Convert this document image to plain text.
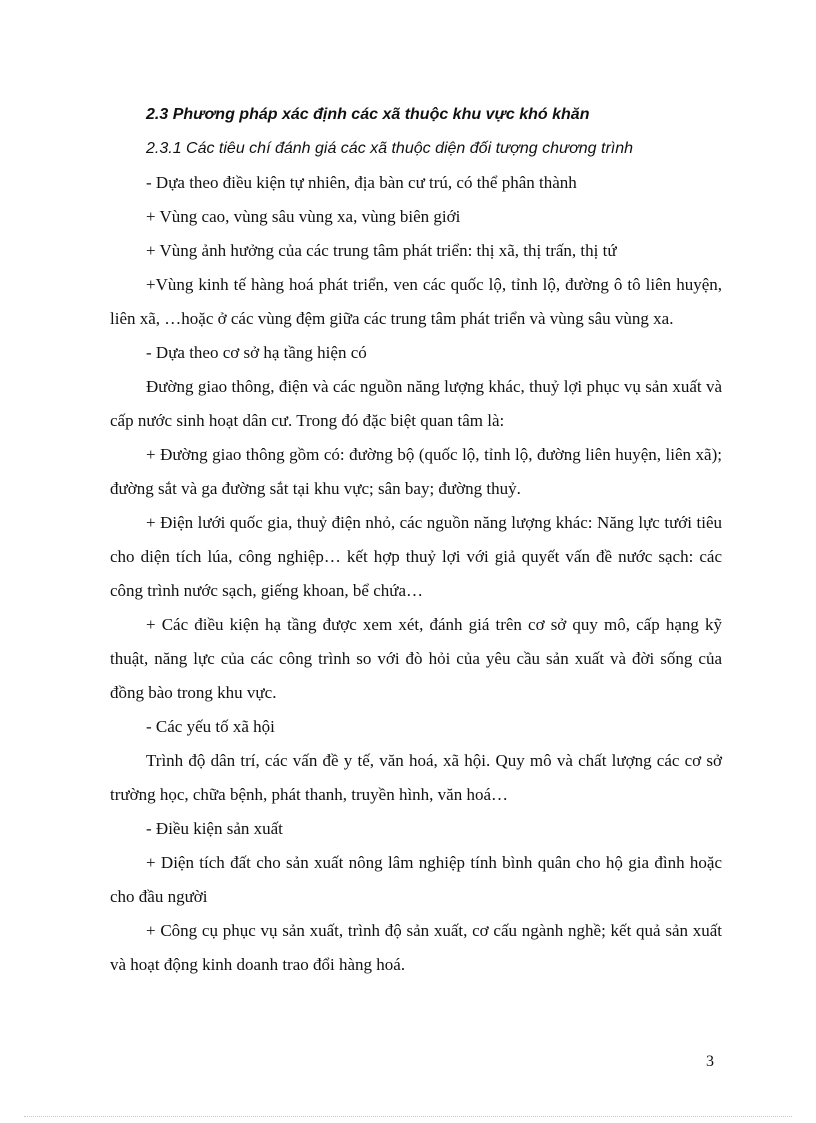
2.3 Phương pháp xác định các xã thuộc khu vực khó khăn

2.3.1 Các tiêu chí đánh giá các xã thuộc diện đối tượng chương trình

- Dựa theo điều kiện tự nhiên, địa bàn cư trú, có thể phân thành

+ Vùng cao, vùng sâu vùng xa, vùng biên giới

+ Vùng ảnh hưởng của các trung tâm phát triển: thị xã, thị trấn, thị tứ

+Vùng kinh tế hàng hoá phát triển, ven các quốc lộ, tỉnh lộ, đường ô tô liên huyện, liên xã, …hoặc ở các vùng đệm giữa các trung tâm phát triển và vùng sâu vùng xa.

- Dựa theo cơ sở hạ tầng hiện có

Đường giao thông, điện và các nguồn năng lượng khác, thuỷ lợi phục vụ sản xuất và cấp nước sinh hoạt dân cư. Trong đó đặc biệt quan tâm là:

+ Đường giao thông gồm có: đường bộ (quốc lộ, tỉnh lộ, đường liên huyện, liên xã); đường sắt và ga đường sắt tại khu vực; sân bay; đường thuỷ.

+ Điện lưới quốc gia, thuỷ điện nhỏ, các nguồn năng lượng khác: Năng lực tưới tiêu cho diện tích lúa, công nghiệp… kết hợp thuỷ lợi với giả quyết vấn đề nước sạch: các công trình nước sạch, giếng khoan, bể chứa…

+ Các điều kiện hạ tầng được xem xét, đánh giá trên cơ sở quy mô, cấp hạng kỹ thuật, năng lực của các công trình so với đò hỏi của yêu cầu sản xuất và đời sống của đồng bào trong khu vực.

- Các yếu tố xã hội

Trình độ dân trí, các vấn đề y tế, văn hoá, xã hội. Quy mô và chất lượng các cơ sở trường học, chữa bệnh, phát thanh, truyền hình, văn hoá…

- Điều kiện sản xuất

+ Diện tích đất cho sản xuất nông lâm nghiệp tính bình quân cho hộ gia đình hoặc cho đầu người

+ Công cụ phục vụ sản xuất, trình độ sản xuất, cơ cấu ngành nghề; kết quả sản xuất và hoạt động kinh doanh trao đổi hàng hoá.

3
